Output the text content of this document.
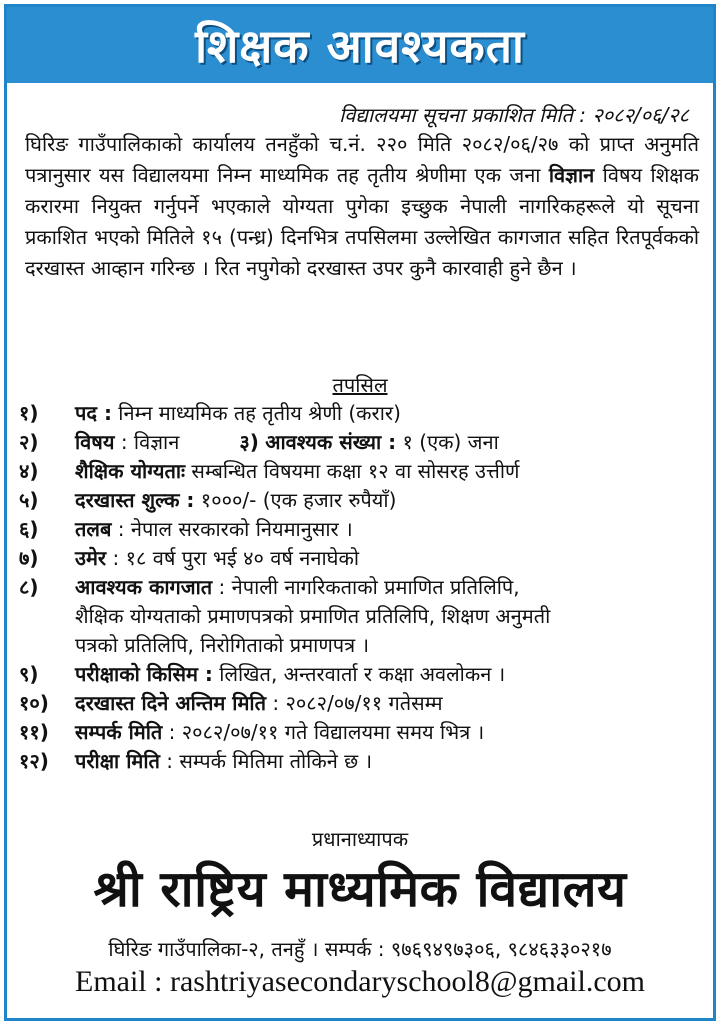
शिक्षक आवश्यकता
विद्यालयमा सूचना प्रकाशित मिति : २०८२/०६/२८
घिरिङ गाउँपालिकाको कार्यालय तनहुँको च.नं. २२० मिति २०८२/०६/२७ को प्राप्त अनुमति पत्रानुसार यस विद्यालयमा निम्न माध्यमिक तह तृतीय श्रेणीमा एक जना विज्ञान विषय शिक्षक करारमा नियुक्त गर्नुपर्ने भएकाले योग्यता पुगेका इच्छुक नेपाली नागरिकहरूले यो सूचना प्रकाशित भएको मितिले १५ (पन्ध्र) दिनभित्र तपसिलमा उल्लेखित कागजात सहित रितपूर्वकको दरखास्त आव्हान गरिन्छ । रित नपुगेको दरखास्त उपर कुनै कारवाही हुने छैन ।
तपसिल
१)	पद : निम्न माध्यमिक तह तृतीय श्रेणी (करार)
२)	विषय : विज्ञान	३) आवश्यक संख्या : १ (एक) जना
४)	शैक्षिक योग्यताः सम्बन्धित विषयमा कक्षा १२ वा सोसरह उत्तीर्ण
५)	दरखास्त शुल्क : १०००/- (एक हजार रुपैयाँ)
६)	तलब : नेपाल सरकारको नियमानुसार ।
७)	उमेर : १८ वर्ष पुरा भई ४० वर्ष ननाघेको
८)	आवश्यक कागजात : नेपाली नागरिकताको प्रमाणित प्रतिलिपि,
शैक्षिक योग्यताको प्रमाणपत्रको प्रमाणित प्रतिलिपि, शिक्षण अनुमती
पत्रको प्रतिलिपि, निरोगिताको प्रमाणपत्र ।
९)	परीक्षाको किसिम : लिखित, अन्तरवार्ता र कक्षा अवलोकन ।
१०)	दरखास्त दिने अन्तिम मिति : २०८२/०७/११ गतेसम्म
११)	सम्पर्क मिति : २०८२/०७/११ गते विद्यालयमा समय भित्र ।
१२)	परीक्षा मिति : सम्पर्क मितिमा तोकिने छ ।
प्रधानाध्यापक
श्री राष्ट्रिय माध्यमिक विद्यालय
घिरिङ गाउँपालिका-२, तनहुँ । सम्पर्क : ९७६९४९७३०६, ९८४६३३०२१७
Email : rashtriyasecondaryschool8@gmail.com
